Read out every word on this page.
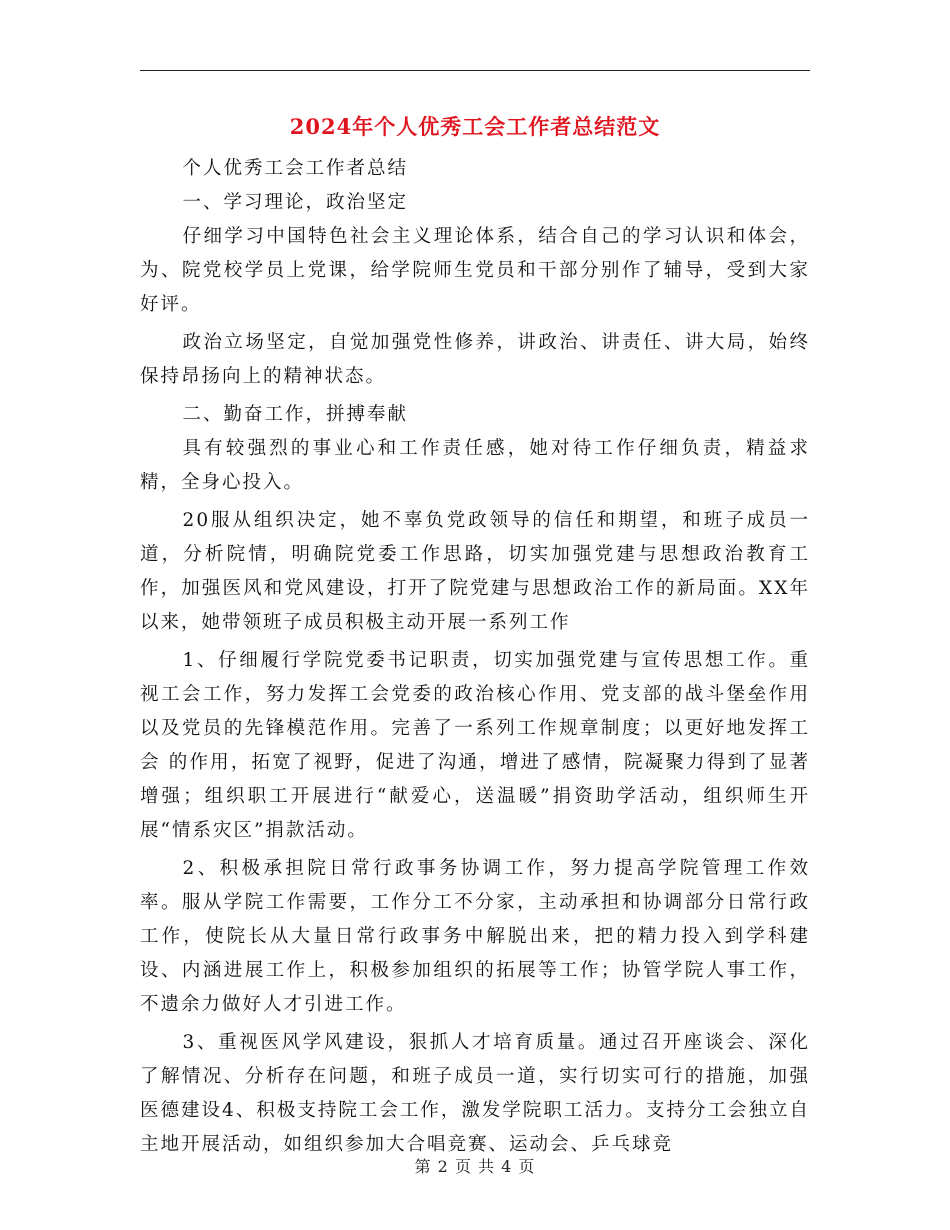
2024年个人优秀工会工作者总结范文

个人优秀工会工作者总结

一、学习理论，政治坚定

仔细学习中国特色社会主义理论体系，结合自己的学习认识和体会，为、院党校学员上党课，给学院师生党员和干部分别作了辅导，受到大家好评。

政治立场坚定，自觉加强党性修养，讲政治、讲责任、讲大局，始终保持昂扬向上的精神状态。

二、勤奋工作，拼搏奉献

具有较强烈的事业心和工作责任感，她对待工作仔细负责，精益求精，全身心投入。

20服从组织决定，她不辜负党政领导的信任和期望，和班子成员一道，分析院情，明确院党委工作思路，切实加强党建与思想政治教育工作，加强医风和党风建设，打开了院党建与思想政治工作的新局面。XX年以来，她带领班子成员积极主动开展一系列工作

1、仔细履行学院党委书记职责，切实加强党建与宣传思想工作。重视工会工作，努力发挥工会党委的政治核心作用、党支部的战斗堡垒作用以及党员的先锋模范作用。完善了一系列工作规章制度；以更好地发挥工会 的作用，拓宽了视野，促进了沟通，增进了感情，院凝聚力得到了显著增强；组织职工开展进行“献爱心，送温暖”捐资助学活动，组织师生开展“情系灾区”捐款活动。

2、积极承担院日常行政事务协调工作，努力提高学院管理工作效率。服从学院工作需要，工作分工不分家，主动承担和协调部分日常行政工作，使院长从大量日常行政事务中解脱出来，把的精力投入到学科建设、内涵进展工作上，积极参加组织的拓展等工作；协管学院人事工作，不遗余力做好人才引进工作。

3、重视医风学风建设，狠抓人才培育质量。通过召开座谈会、深化了解情况、分析存在问题，和班子成员一道，实行切实可行的措施，加强医德建设4、积极支持院工会工作，激发学院职工活力。支持分工会独立自主地开展活动，如组织参加大合唱竞赛、运动会、乒乓球竞

第 2 页 共 4 页
